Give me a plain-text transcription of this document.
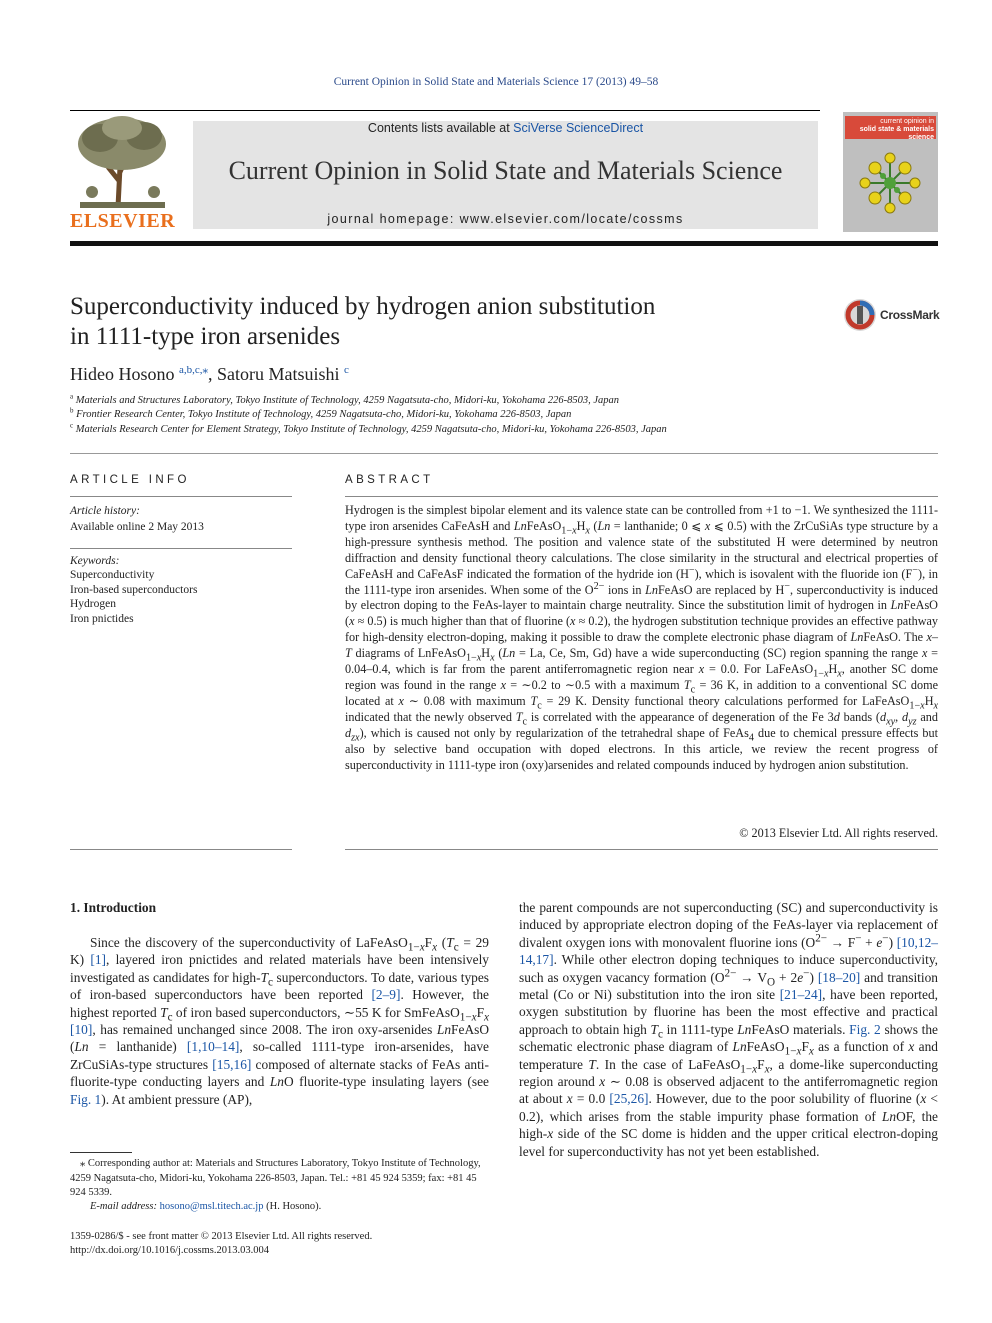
Current Opinion in Solid State and Materials Science 17 (2013) 49–58
ELSEVIER
Contents lists available at SciVerse ScienceDirect
Current Opinion in Solid State and Materials Science
journal homepage: www.elsevier.com/locate/cossms
current opinion in
solid state & materials science
Superconductivity induced by hydrogen anion substitution
in 1111-type iron arsenides
CrossMark
Hideo Hosono $^{a,b,c,⁎}$, Satoru Matsuishi $^c$
$^a$ Materials and Structures Laboratory, Tokyo Institute of Technology, 4259 Nagatsuta-cho, Midori-ku, Yokohama 226-8503, Japan
$^b$ Frontier Research Center, Tokyo Institute of Technology, 4259 Nagatsuta-cho, Midori-ku, Yokohama 226-8503, Japan
$^c$ Materials Research Center for Element Strategy, Tokyo Institute of Technology, 4259 Nagatsuta-cho, Midori-ku, Yokohama 226-8503, Japan
ARTICLE INFO
Article history:
Available online 2 May 2013
Keywords:
Superconductivity
Iron-based superconductors
Hydrogen
Iron pnictides
ABSTRACT
Hydrogen is the simplest bipolar element and its valence state can be controlled from +1 to −1. We synthesized the 1111-type iron arsenides CaFeAsH and $LnFeAsO_{1-x}H_x$ (Ln = lanthanide; 0 ⩽ x ⩽ 0.5) with the ZrCuSiAs type structure by a high-pressure synthesis method. The position and valence state of the substituted H were determined by neutron diffraction and density functional theory calculations. The close similarity in the structural and electrical properties of CaFeAsH and CaFeAsF indicated the formation of the hydride ion (H−), which is isovalent with the fluoride ion (F−), in the 1111-type iron arsenides. When some of the $O^{2-}$ ions in LnFeAsO are replaced by H−, superconductivity is induced by electron doping to the FeAs-layer to maintain charge neutrality. Since the substitution limit of hydrogen in LnFeAsO (x ≈ 0.5) is much higher than that of fluorine (x ≈ 0.2), the hydrogen substitution technique provides an effective pathway for high-density electron-doping, making it possible to draw the complete electronic phase diagram of LnFeAsO. The x–T diagrams of $LnFeAsO_{1-x}H_x$ (Ln = La, Ce, Sm, Gd) have a wide superconducting (SC) region spanning the range x = 0.04–0.4, which is far from the parent antiferromagnetic region near x = 0.0. For $LaFeAsO_{1-x}H_x$, another SC dome region was found in the range x = ∼0.2 to ∼0.5 with a maximum $T_c = 36$ K, in addition to a conventional SC dome located at x ∼ 0.08 with maximum $T_c = 29$ K. Density functional theory calculations performed for $LaFeAsO_{1-x}H_x$ indicated that the newly observed $T_c$ is correlated with the appearance of degeneration of the Fe 3d bands ($d_{xy}$, $d_{yz}$ and $d_{zx}$), which is caused not only by regularization of the tetrahedral shape of FeAs$_4$ due to chemical pressure effects but also by selective band occupation with doped electrons. In this article, we review the recent progress of superconductivity in 1111-type iron (oxy)arsenides and related compounds induced by hydrogen anion substitution.
© 2013 Elsevier Ltd. All rights reserved.
1. Introduction
Since the discovery of the superconductivity of $LaFeAsO_{1-x}F_x$ ($T_c = 29$ K) [1], layered iron pnictides and related materials have been intensively investigated as candidates for high-$T_c$ superconductors. To date, various types of iron-based superconductors have been reported [2–9]. However, the highest reported $T_c$ of iron based superconductors, ∼55 K for $SmFeAsO_{1-x}F_x$ [10], has remained unchanged since 2008. The iron oxy-arsenides LnFeAsO (Ln = lanthanide) [1,10–14], so-called 1111-type iron-arsenides, have ZrCuSiAs-type structures [15,16] composed of alternate stacks of FeAs anti-fluorite-type conducting layers and LnO fluorite-type insulating layers (see Fig. 1). At ambient pressure (AP),
the parent compounds are not superconducting (SC) and superconductivity is induced by appropriate electron doping of the FeAs-layer via replacement of divalent oxygen ions with monovalent fluorine ions $(O^{2-} \to F^- + e^-)$ [10,12–14,17]. While other electron doping techniques to induce superconductivity, such as oxygen vacancy formation $(O^{2-} \to V_O + 2e^-)$ [18–20] and transition metal (Co or Ni) substitution into the iron site [21–24], have been reported, oxygen substitution by fluorine has been the most effective and practical approach to obtain high $T_c$ in 1111-type LnFeAsO materials. Fig. 2 shows the schematic electronic phase diagram of $LnFeAsO_{1-x}F_x$ as a function of x and temperature T. In the case of $LaFeAsO_{1-x}F_x$, a dome-like superconducting region around x ∼ 0.08 is observed adjacent to the antiferromagnetic region at about x = 0.0 [25,26]. However, due to the poor solubility of fluorine (x < 0.2), which arises from the stable impurity phase formation of LnOF, the high-x side of the SC dome is hidden and the upper critical electron-doping level for superconductivity has not yet been established.
⁎ Corresponding author at: Materials and Structures Laboratory, Tokyo Institute of Technology, 4259 Nagatsuta-cho, Midori-ku, Yokohama 226-8503, Japan. Tel.: +81 45 924 5359; fax: +81 45 924 5339.
E-mail address: hosono@msl.titech.ac.jp (H. Hosono).
1359-0286/$ - see front matter © 2013 Elsevier Ltd. All rights reserved.
http://dx.doi.org/10.1016/j.cossms.2013.03.004
